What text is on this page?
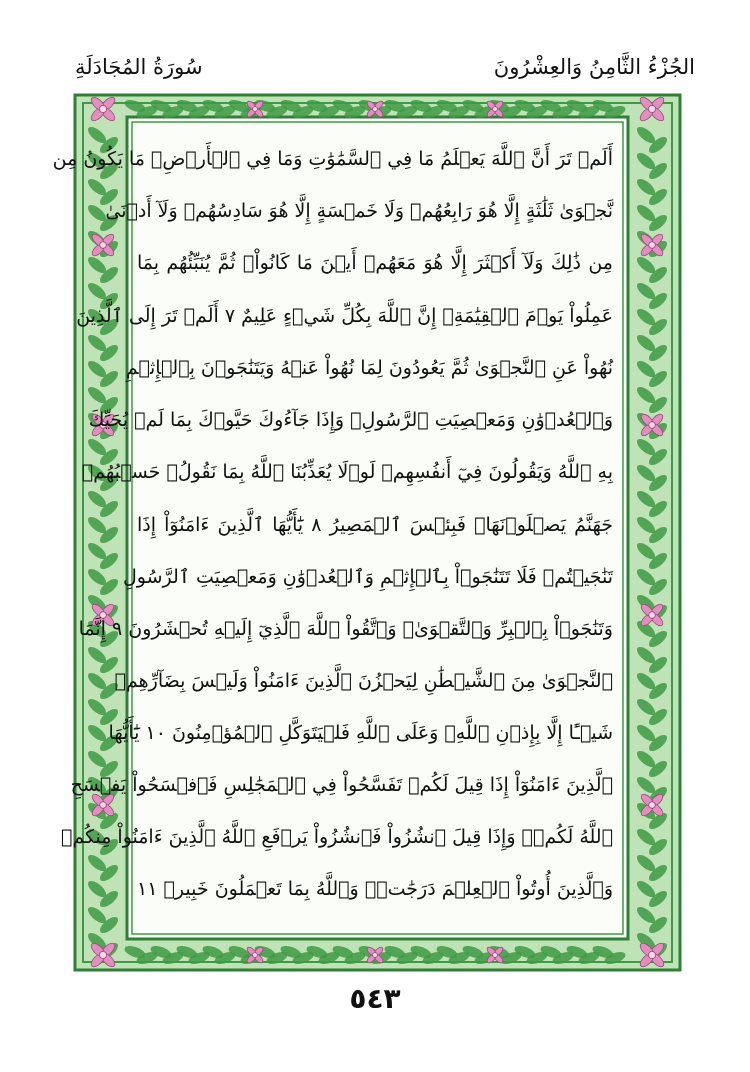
الجُزْءُ الثَّامِنُ وَالعِشْرُونَ
سُورَةُ المُجَادَلَةِ
أَلَمۡ تَرَ أَنَّ ٱللَّهَ يَعۡلَمُ مَا فِي ٱلسَّمَٰوَٰتِ وَمَا فِي ٱلۡأَرۡضِۖ مَا يَكُونُ مِن
نَّجۡوَىٰ ثَلَٰثَةٍ إِلَّا هُوَ رَابِعُهُمۡ وَلَا خَمۡسَةٍ إِلَّا هُوَ سَادِسُهُمۡ وَلَآ أَدۡنَىٰ
مِن ذَٰلِكَ وَلَآ أَكۡثَرَ إِلَّا هُوَ مَعَهُمۡ أَيۡنَ مَا كَانُواْۖ ثُمَّ يُنَبِّئُهُم بِمَا
عَمِلُواْ يَوۡمَ ٱلۡقِيَٰمَةِۚ إِنَّ ٱللَّهَ بِكُلِّ شَيۡءٍ عَلِيمٌ ٧ أَلَمۡ تَرَ إِلَى ٱلَّذِينَ
نُهُواْ عَنِ ٱلنَّجۡوَىٰ ثُمَّ يَعُودُونَ لِمَا نُهُواْ عَنۡهُ وَيَتَنَٰجَوۡنَ بِٱلۡإِثۡمِ
وَٱلۡعُدۡوَٰنِ وَمَعۡصِيَتِ ٱلرَّسُولِۖ وَإِذَا جَآءُوكَ حَيَّوۡكَ بِمَا لَمۡ يُحَيِّكَ
بِهِ ٱللَّهُ وَيَقُولُونَ فِيٓ أَنفُسِهِمۡ لَوۡلَا يُعَذِّبُنَا ٱللَّهُ بِمَا نَقُولُۚ حَسۡبُهُمۡ
جَهَنَّمُ يَصۡلَوۡنَهَاۖ فَبِئۡسَ ٱلۡمَصِيرُ ٨ يَٰٓأَيُّهَا ٱلَّذِينَ ءَامَنُوٓاْ إِذَا
تَنَٰجَيۡتُمۡ فَلَا تَتَنَٰجَوۡاْ بِٱلۡإِثۡمِ وَٱلۡعُدۡوَٰنِ وَمَعۡصِيَتِ ٱلرَّسُولِ
وَتَنَٰجَوۡاْ بِٱلۡبِرِّ وَٱلتَّقۡوَىٰۖ وَٱتَّقُواْ ٱللَّهَ ٱلَّذِيٓ إِلَيۡهِ تُحۡشَرُونَ ٩ إِنَّمَا
ٱلنَّجۡوَىٰ مِنَ ٱلشَّيۡطَٰنِ لِيَحۡزُنَ ٱلَّذِينَ ءَامَنُواْ وَلَيۡسَ بِضَآرِّهِمۡ
شَيۡـًٔا إِلَّا بِإِذۡنِ ٱللَّهِۚ وَعَلَى ٱللَّهِ فَلۡيَتَوَكَّلِ ٱلۡمُؤۡمِنُونَ ١٠ يَٰٓأَيُّهَا
ٱلَّذِينَ ءَامَنُوٓاْ إِذَا قِيلَ لَكُمۡ تَفَسَّحُواْ فِي ٱلۡمَجَٰلِسِ فَٱفۡسَحُواْ يَفۡسَحِ
ٱللَّهُ لَكُمۡۖ وَإِذَا قِيلَ ٱنشُزُواْ فَٱنشُزُواْ يَرۡفَعِ ٱللَّهُ ٱلَّذِينَ ءَامَنُواْ مِنكُمۡ
وَٱلَّذِينَ أُوتُواْ ٱلۡعِلۡمَ دَرَجَٰتٖۚ وَٱللَّهُ بِمَا تَعۡمَلُونَ خَبِيرٞ ١١
٥٤٣
